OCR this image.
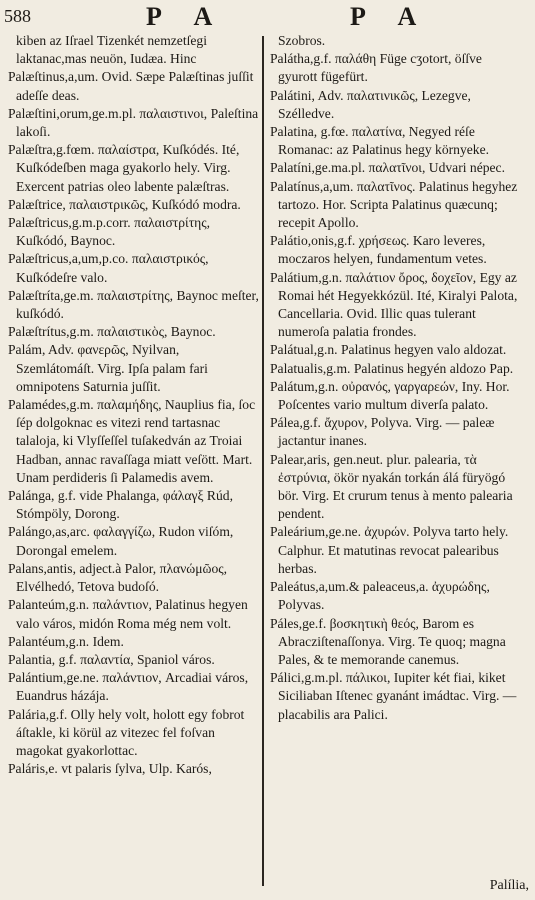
588	P A	P A

kiben az Iſrael Tizenkét nemzetſegi laktanac,mas neuön, Iudæa. Hinc

Palæſtinus,a,um. Ovid. Sæpe Palæſtinas juſſit adeſſe deas.

Palæſtini,orum,ge.m.pl. παλαιστινοι, Paleſtina lakoſi.

Palæſtra,g.fœm. παλαίστρα, Kuſkódés. Ité, Kuſkódeſben maga gyakorlo hely. Virg. Exercent patrias oleo labente palæſtras.

Palæſtrice, παλαιστρικῶς, Kuſkódó modra.

Palæſtricus,g.m.p.corr. παλαιστρίτης, Kuſkódó, Baynoc.

Palæſtricus,a,um,p.co. παλαιστρικός, Kuſkódeſre valo.

Palæſtríta,ge.m. παλαιστρίτης, Baynoc meſter, kuſkódó.

Palæſtrítus,g.m. παλαιστικὸς, Baynoc.

Palám, Adv. φανερῶς, Nyilvan, Szemlátomáſt. Virg. Ipſa palam fari omnipotens Saturnia juſſit.

Palamédes,g.m. παλαμήδης, Nauplius fia, ſoc ſép dolgoknac es vitezi rend tartasnac talaloja, ki Vlyſſeſſel tuſakedván az Troiai Hadban, annac ravaſſaga miatt veſött. Mart. Unam perdideris ſi Palamedis avem.

Palánga, g.f. vide Phalanga, φάλαγξ Rúd, Stómpöly, Dorong.

Palángo,as,arc. φαλαγγίζω, Rudon viſóm, Dorongal emelem.

Palans,antis, adject.à Palor, πλανώμῶος, Elvélhedó, Tetova budoſó.

Palanteúm,g.n. παλάντιον, Palatinus hegyen valo város, midón Roma még nem volt.

Palantéum,g.n. Idem.

Palantia, g.f. παλαντία, Spaniol város.

Palántium,ge.ne. παλάντιον, Arcadiai város, Euandrus házája.

Palária,g.f. Olly hely volt, holott egy fobrot áſtakle, ki körül az vitezec fel foſvan magokat gyakorlottac.

Paláris,e. vt palaris ſylva, Ulp. Karós,

Szobros.

Palátha,g.f. παλάθη Füge cʒotort, öſſve gyurott fügefürt.

Palátini, Adv. παλατινικῶς, Lezegve, Szélledve.

Palatina, g.fœ. παλατίνα, Negyed réſe Romanac: az Palatinus hegy környeke.

Palatíni,ge.ma.pl. παλατῖνοι, Udvari népec.

Palatínus,a,um. παλατῖνος. Palatinus hegyhez tartozo. Hor. Scripta Palatinus quæcunq; recepit Apollo.

Palátio,onis,g.f. χρήσεως. Karo leveres, moczaros helyen, fundamentum vetes.

Palátium,g.n. παλάτιον ὄρος, δοχεῖον, Egy az Romai hét Hegyekkózül. Ité, Kiralyi Palota, Cancellaria. Ovid. Illic quas tulerant numeroſa palatia frondes.

Palátual,g.n. Palatinus hegyen valo aldozat.

Palatualis,g.m. Palatinus hegyén aldozo Pap.

Palátum,g.n. οὐρανός, γαργαρεών, Iny. Hor. Poſcentes vario multum diverſa palato.

Pálea,g.f. ἄχυρον, Polyva. Virg. — paleæ jactantur inanes.

Palear,aris, gen.neut. plur. palearia, τὰ ἐστρύνια, ökör nyakán torkán álá füryögó bör. Virg. Et crurum tenus à mento palearia pendent.

Paleárium,ge.ne. ἀχυρών. Polyva tarto hely. Calphur. Et matutinas revocat palearibus herbas.

Paleátus,a,um.& paleaceus,a. ἀχυρώδης, Polyvas.

Páles,ge.f. βοσκητικὴ θεός, Barom es Abracziſtenaſſonya. Virg. Te quoq; magna Pales, & te memorande canemus.

Pálici,g.m.pl. πάλικοι, Iupiter két fiai, kiket Siciliaban Iſtenec gyanánt imádtac. Virg. — placabilis ara Palici.

Palília,
